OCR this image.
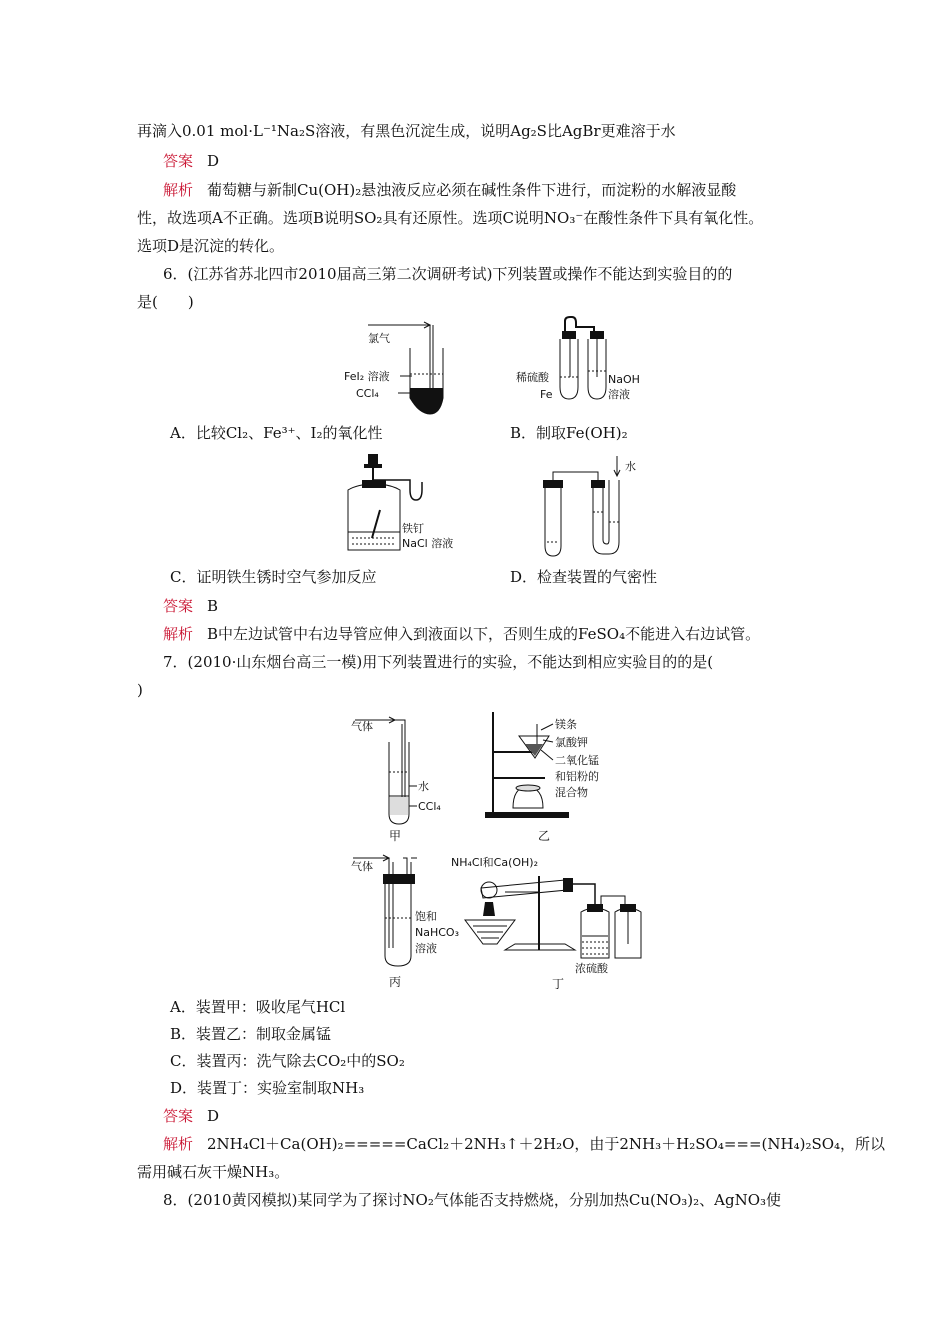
再滴入0.01 mol·L⁻¹Na₂S溶液，有黑色沉淀生成，说明Ag₂S比AgBr更难溶于水
答案 D
解析 葡萄糖与新制Cu(OH)₂悬浊液反应必须在碱性条件下进行，而淀粉的水解液显酸
性，故选项A不正确。选项B说明SO₂具有还原性。选项C说明NO₃⁻在酸性条件下具有氧化性。
选项D是沉淀的转化。
6．(江苏省苏北四市2010届高三第二次调研考试)下列装置或操作不能达到实验目的的
是(　　)
氯气
FeI₂ 溶液
CCl₄
稀硫酸
Fe
NaOH
溶液
A．比较Cl₂、Fe³⁺、I₂的氧化性	B．制取Fe(OH)₂
铁钉
NaCl 溶液
水
C．证明铁生锈时空气参加反应	D．检查装置的气密性
答案 B
解析 B中左边试管中右边导管应伸入到液面以下，否则生成的FeSO₄不能进入右边试管。
7．(2010·山东烟台高三一模)用下列装置进行的实验，不能达到相应实验目的的是(
)
气体
水
CCl₄
甲
镁条
氯酸钾
二氧化锰
和铝粉的
混合物
乙
气体
饱和
NaHCO₃
溶液
丙
NH₄Cl和Ca(OH)₂
浓硫酸
丁
A．装置甲：吸收尾气HCl
B．装置乙：制取金属锰
C．装置丙：洗气除去CO₂中的SO₂
D．装置丁：实验室制取NH₃
答案 D
解析 2NH₄Cl＋Ca(OH)₂=====CaCl₂＋2NH₃↑＋2H₂O，由于2NH₃＋H₂SO₄===(NH₄)₂SO₄，所以
需用碱石灰干燥NH₃。
8．(2010黄冈模拟)某同学为了探讨NO₂气体能否支持燃烧，分别加热Cu(NO₃)₂、AgNO₃使
